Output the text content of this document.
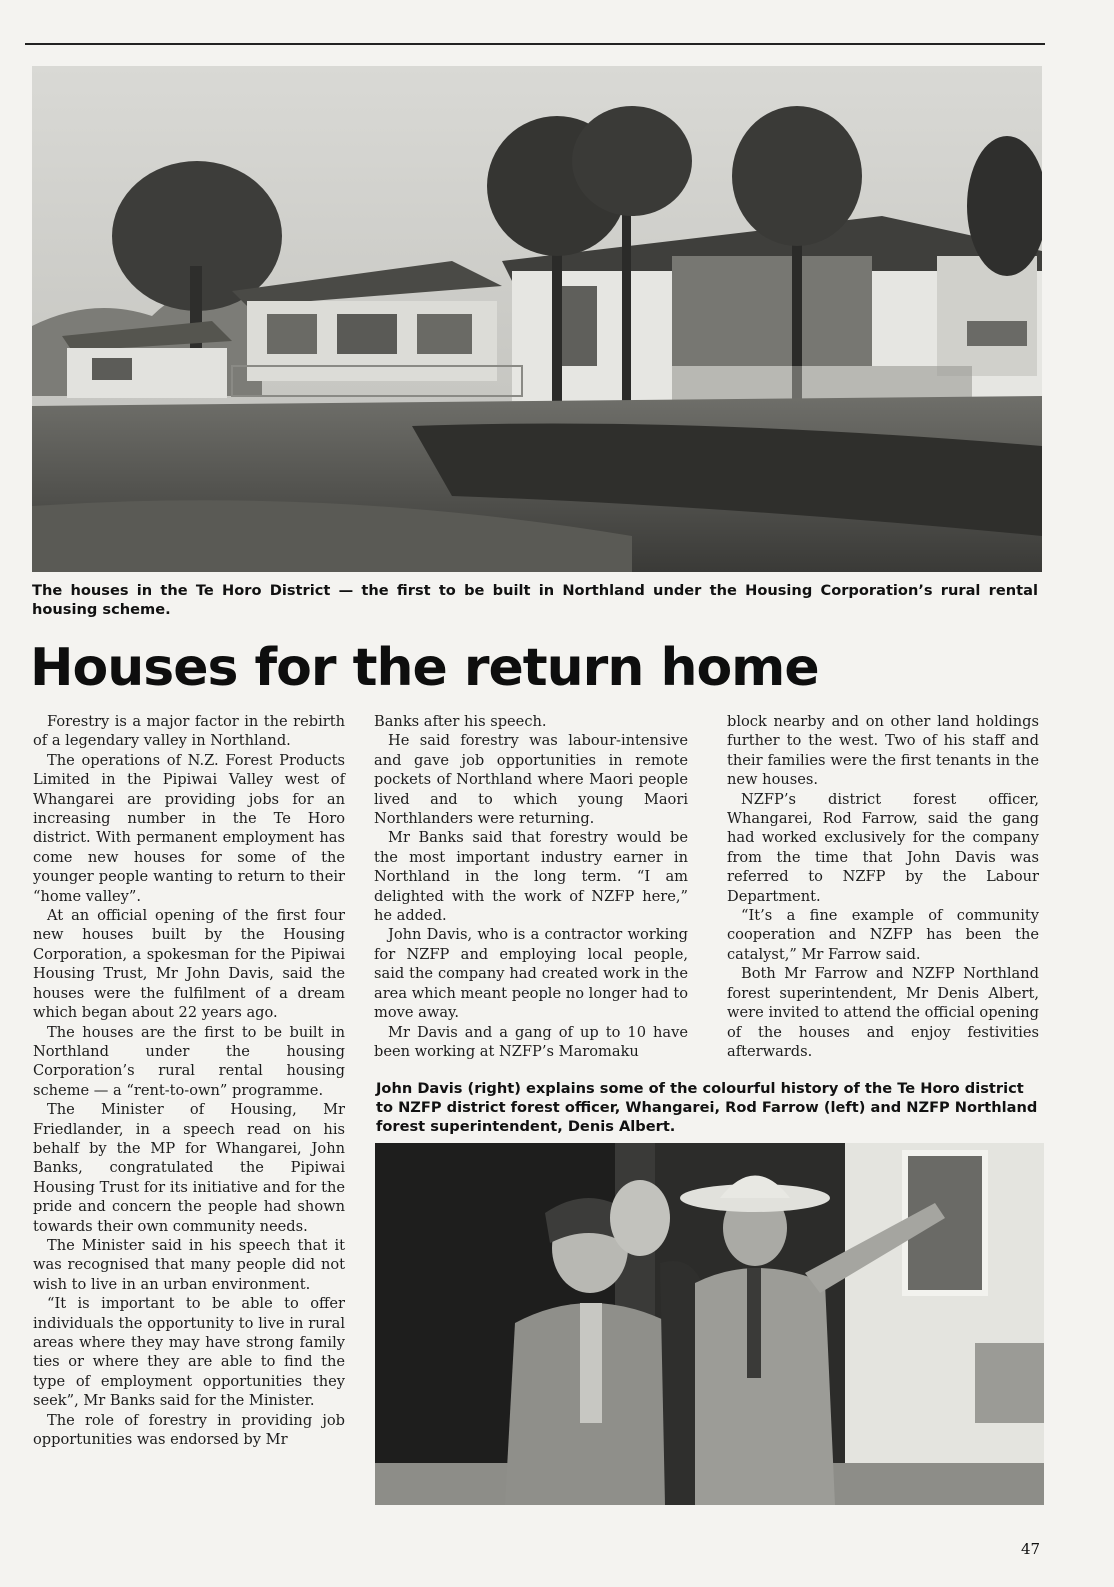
The houses in the Te Horo District — the first to be built in Northland under the Housing Corporation’s rural rental housing scheme.

Houses for the return home

Forestry is a major factor in the rebirth of a legendary valley in Northland.

The operations of N.Z. Forest Products Limited in the Pipiwai Valley west of Whangarei are providing jobs for an increasing number in the Te Horo district. With permanent employment has come new houses for some of the younger people wanting to return to their “home valley”.

At an official opening of the first four new houses built by the Housing Corporation, a spokesman for the Pipiwai Housing Trust, Mr John Davis, said the houses were the fulfilment of a dream which began about 22 years ago.

The houses are the first to be built in Northland under the housing Corporation’s rural rental housing scheme — a “rent-to-own” programme.

The Minister of Housing, Mr Friedlander, in a speech read on his behalf by the MP for Whangarei, John Banks, congratulated the Pipiwai Housing Trust for its initiative and for the pride and concern the people had shown towards their own community needs.

The Minister said in his speech that it was recognised that many people did not wish to live in an urban environment.

“It is important to be able to offer individuals the opportunity to live in rural areas where they may have strong family ties or where they are able to find the type of employment opportunities they seek”, Mr Banks said for the Minister.

The role of forestry in providing job opportunities was endorsed by Mr

Banks after his speech.

He said forestry was labour-intensive and gave job opportunities in remote pockets of Northland where Maori people lived and to which young Maori Northlanders were returning.

Mr Banks said that forestry would be the most important industry earner in Northland in the long term. “I am delighted with the work of NZFP here,” he added.

John Davis, who is a contractor working for NZFP and employing local people, said the company had created work in the area which meant people no longer had to move away.

Mr Davis and a gang of up to 10 have been working at NZFP’s Maromaku

block nearby and on other land holdings further to the west. Two of his staff and their families were the first tenants in the new houses.

NZFP’s district forest officer, Whangarei, Rod Farrow, said the gang had worked exclusively for the company from the time that John Davis was referred to NZFP by the Labour Department.

“It’s a fine example of community cooperation and NZFP has been the catalyst,” Mr Farrow said.

Both Mr Farrow and NZFP Northland forest superintendent, Mr Denis Albert, were invited to attend the official opening of the houses and enjoy festivities afterwards.

John Davis (right) explains some of the colourful history of the Te Horo district to NZFP district forest officer, Whangarei, Rod Farrow (left) and NZFP Northland forest superintendent, Denis Albert.

47
